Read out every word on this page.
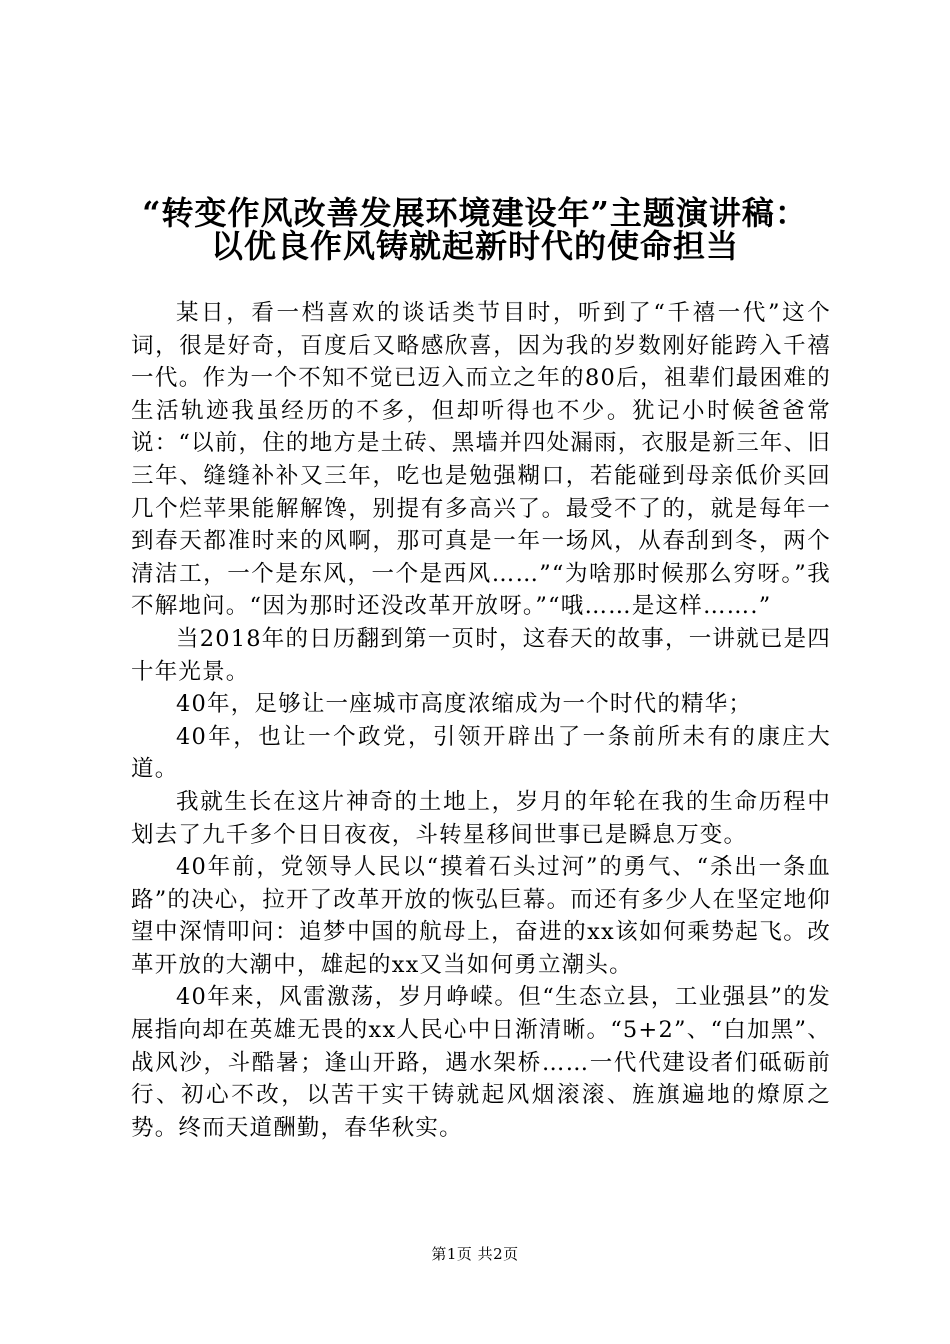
“转变作风改善发展环境建设年”主题演讲稿：
以优良作风铸就起新时代的使命担当

某日，看一档喜欢的谈话类节目时，听到了“千禧一代”这个词，很是好奇，百度后又略感欣喜，因为我的岁数刚好能跨入千禧一代。作为一个不知不觉已迈入而立之年的80后，祖辈们最困难的生活轨迹我虽经历的不多，但却听得也不少。犹记小时候爸爸常说：“以前，住的地方是土砖、黑墙并四处漏雨，衣服是新三年、旧三年、缝缝补补又三年，吃也是勉强糊口，若能碰到母亲低价买回几个烂苹果能解解馋，别提有多高兴了。最受不了的，就是每年一到春天都准时来的风啊，那可真是一年一场风，从春刮到冬，两个清洁工，一个是东风，一个是西风……”“为啥那时候那么穷呀。”我不解地问。“因为那时还没改革开放呀。”“哦……是这样…….”

当2018年的日历翻到第一页时，这春天的故事，一讲就已是四十年光景。

40年，足够让一座城市高度浓缩成为一个时代的精华；

40年，也让一个政党，引领开辟出了一条前所未有的康庄大道。

我就生长在这片神奇的土地上，岁月的年轮在我的生命历程中划去了九千多个日日夜夜，斗转星移间世事已是瞬息万变。

40年前，党领导人民以“摸着石头过河”的勇气、“杀出一条血路”的决心，拉开了改革开放的恢弘巨幕。而还有多少人在坚定地仰望中深情叩问：追梦中国的航母上，奋进的xx该如何乘势起飞。改革开放的大潮中，雄起的xx又当如何勇立潮头。

40年来，风雷激荡，岁月峥嵘。但“生态立县，工业强县”的发展指向却在英雄无畏的xx人民心中日渐清晰。“5+2”、“白加黑”、战风沙，斗酷暑；逢山开路，遇水架桥……一代代建设者们砥砺前行、初心不改，以苦干实干铸就起风烟滚滚、旌旗遍地的燎原之势。终而天道酬勤，春华秋实。

第1页 共2页
